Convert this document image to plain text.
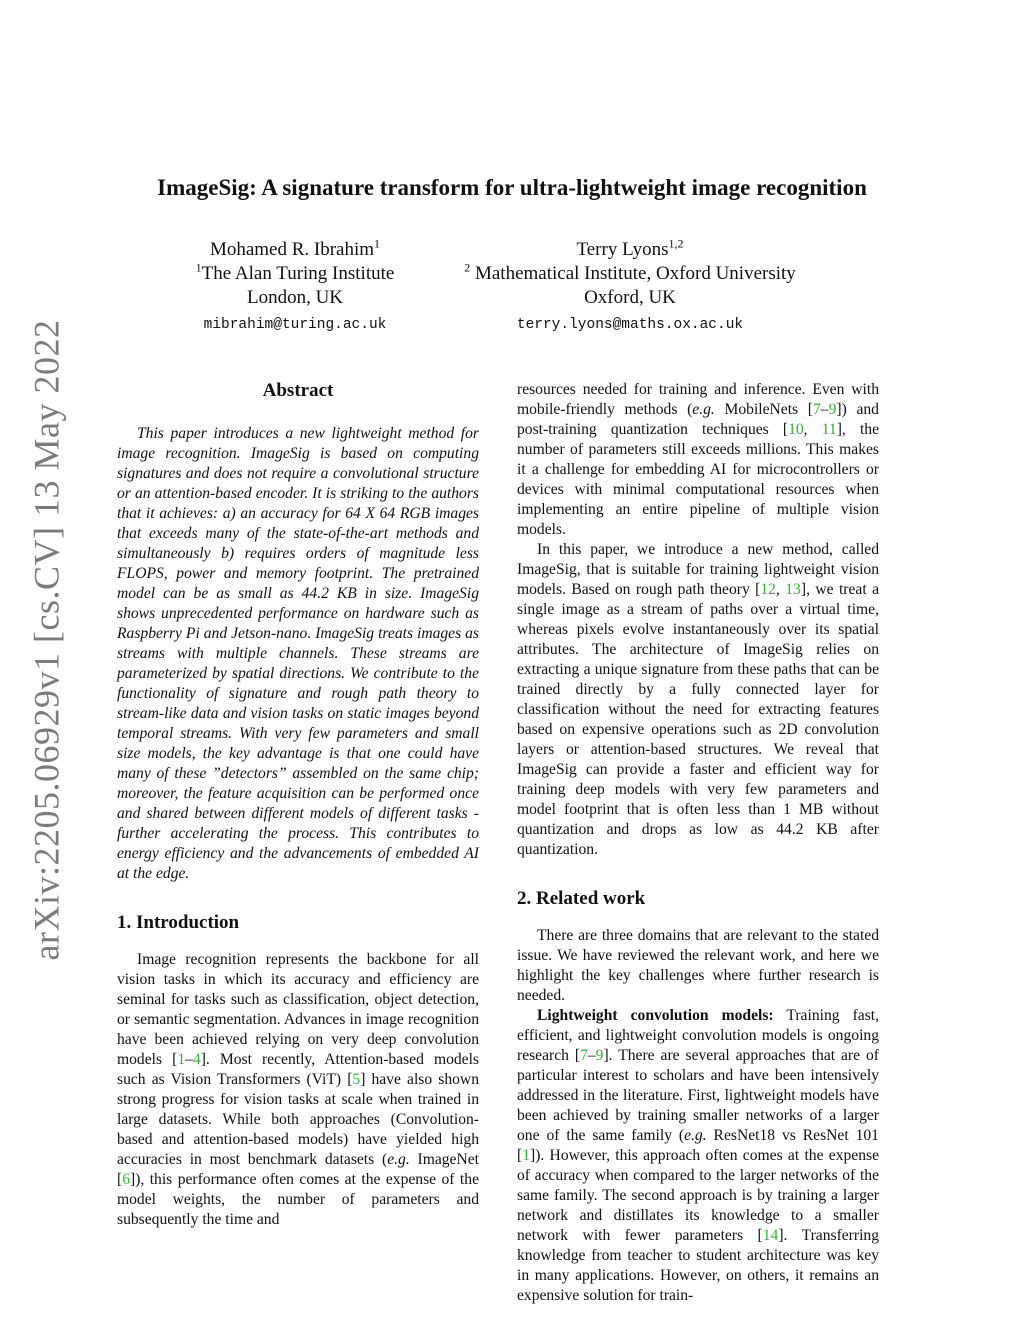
arXiv:2205.06929v1 [cs.CV] 13 May 2022
ImageSig: A signature transform for ultra-lightweight image recognition
Mohamed R. Ibrahim$^1$
$^1$The Alan Turing Institute
London, UK
mibrahim@turing.ac.uk
Terry Lyons$^{1,2}$
$^2$ Mathematical Institute, Oxford University
Oxford, UK
terry.lyons@maths.ox.ac.uk
Abstract

This paper introduces a new lightweight method for image recognition. ImageSig is based on computing signatures and does not require a convolutional structure or an attention-based encoder. It is striking to the authors that it achieves: a) an accuracy for 64 X 64 RGB images that exceeds many of the state-of-the-art methods and simultaneously b) requires orders of magnitude less FLOPS, power and memory footprint. The pretrained model can be as small as 44.2 KB in size. ImageSig shows unprecedented performance on hardware such as Raspberry Pi and Jetson-nano. ImageSig treats images as streams with multiple channels. These streams are parameterized by spatial directions. We contribute to the functionality of signature and rough path theory to stream-like data and vision tasks on static images beyond temporal streams. With very few parameters and small size models, the key advantage is that one could have many of these ”detectors” assembled on the same chip; moreover, the feature acquisition can be performed once and shared between different models of different tasks - further accelerating the process. This contributes to energy efficiency and the advancements of embedded AI at the edge.

1. Introduction

Image recognition represents the backbone for all vision tasks in which its accuracy and efficiency are seminal for tasks such as classification, object detection, or semantic segmentation. Advances in image recognition have been achieved relying on very deep convolution models [1–4]. Most recently, Attention-based models such as Vision Transformers (ViT) [5] have also shown strong progress for vision tasks at scale when trained in large datasets. While both approaches (Convolution-based and attention-based models) have yielded high accuracies in most benchmark datasets (e.g. ImageNet [6]), this performance often comes at the expense of the model weights, the number of parameters and subsequently the time and

resources needed for training and inference. Even with mobile-friendly methods (e.g. MobileNets [7–9]) and post-training quantization techniques [10, 11], the number of parameters still exceeds millions. This makes it a challenge for embedding AI for microcontrollers or devices with minimal computational resources when implementing an entire pipeline of multiple vision models.

In this paper, we introduce a new method, called ImageSig, that is suitable for training lightweight vision models. Based on rough path theory [12, 13], we treat a single image as a stream of paths over a virtual time, whereas pixels evolve instantaneously over its spatial attributes. The architecture of ImageSig relies on extracting a unique signature from these paths that can be trained directly by a fully connected layer for classification without the need for extracting features based on expensive operations such as 2D convolution layers or attention-based structures. We reveal that ImageSig can provide a faster and efficient way for training deep models with very few parameters and model footprint that is often less than 1 MB without quantization and drops as low as 44.2 KB after quantization.

2. Related work

There are three domains that are relevant to the stated issue. We have reviewed the relevant work, and here we highlight the key challenges where further research is needed.

Lightweight convolution models: Training fast, efficient, and lightweight convolution models is ongoing research [7–9]. There are several approaches that are of particular interest to scholars and have been intensively addressed in the literature. First, lightweight models have been achieved by training smaller networks of a larger one of the same family (e.g. ResNet18 vs ResNet 101 [1]). However, this approach often comes at the expense of accuracy when compared to the larger networks of the same family. The second approach is by training a larger network and distillates its knowledge to a smaller network with fewer parameters [14]. Transferring knowledge from teacher to student architecture was key in many applications. However, on others, it remains an expensive solution for train-
